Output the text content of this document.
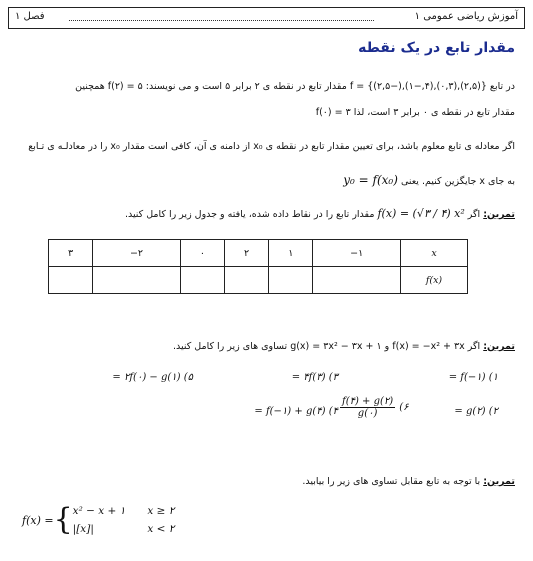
آموزش ریاضی عمومی ۱
فصل ۱
مقدار تابع در یک نقطه
در تابع {(۲,۵),(۰,۳),(۴,−۱),(−۲,۵)} = f مقدار تابع در نقطه ی ۲ برابر ۵ است و می نویسند: ۵ = f(۲) همچنین
مقدار تابع در نقطه ی ۰ برابر ۳ است، لذا ۳ = f(۰)
اگر معادله ی تابع معلوم باشد، برای تعیین مقدار تابع در نقطه ی x₀ از دامنه ی آن، کافی است مقدار x₀ را در معادلـه ی تـابع
به جای x جایگزین کنیم. یعنی y₀ = f(x₀)
تمرین: اگر f(x) = (√۳ / ۴) x² مقدار تابع را در نقاط داده شده، یافته و جدول زیر را کامل کنید.
۳	−۲	۰	۲	۱	−۱	x
						f(x)
تمرین: اگر f(x) = −x² + ۳x و g(x) = ۳x² − ۳x + ۱ تساوی های زیر را کامل کنید.
۱) f(−۱) =
۳) ۴f(۳) =
۵) ۲f(۰) − g(۱) =
۲) g(۲) =
۴) f(−۱) + g(۴) =	۶)
$\frac{f(۴) + g(۲)}{g(۰)}$
تمرین: با توجه به تابع مقابل تساوی های زیر را بیابید.
f(x) = { x² − x + ۱ x ≥ ۲
|[x]|	x < ۲
